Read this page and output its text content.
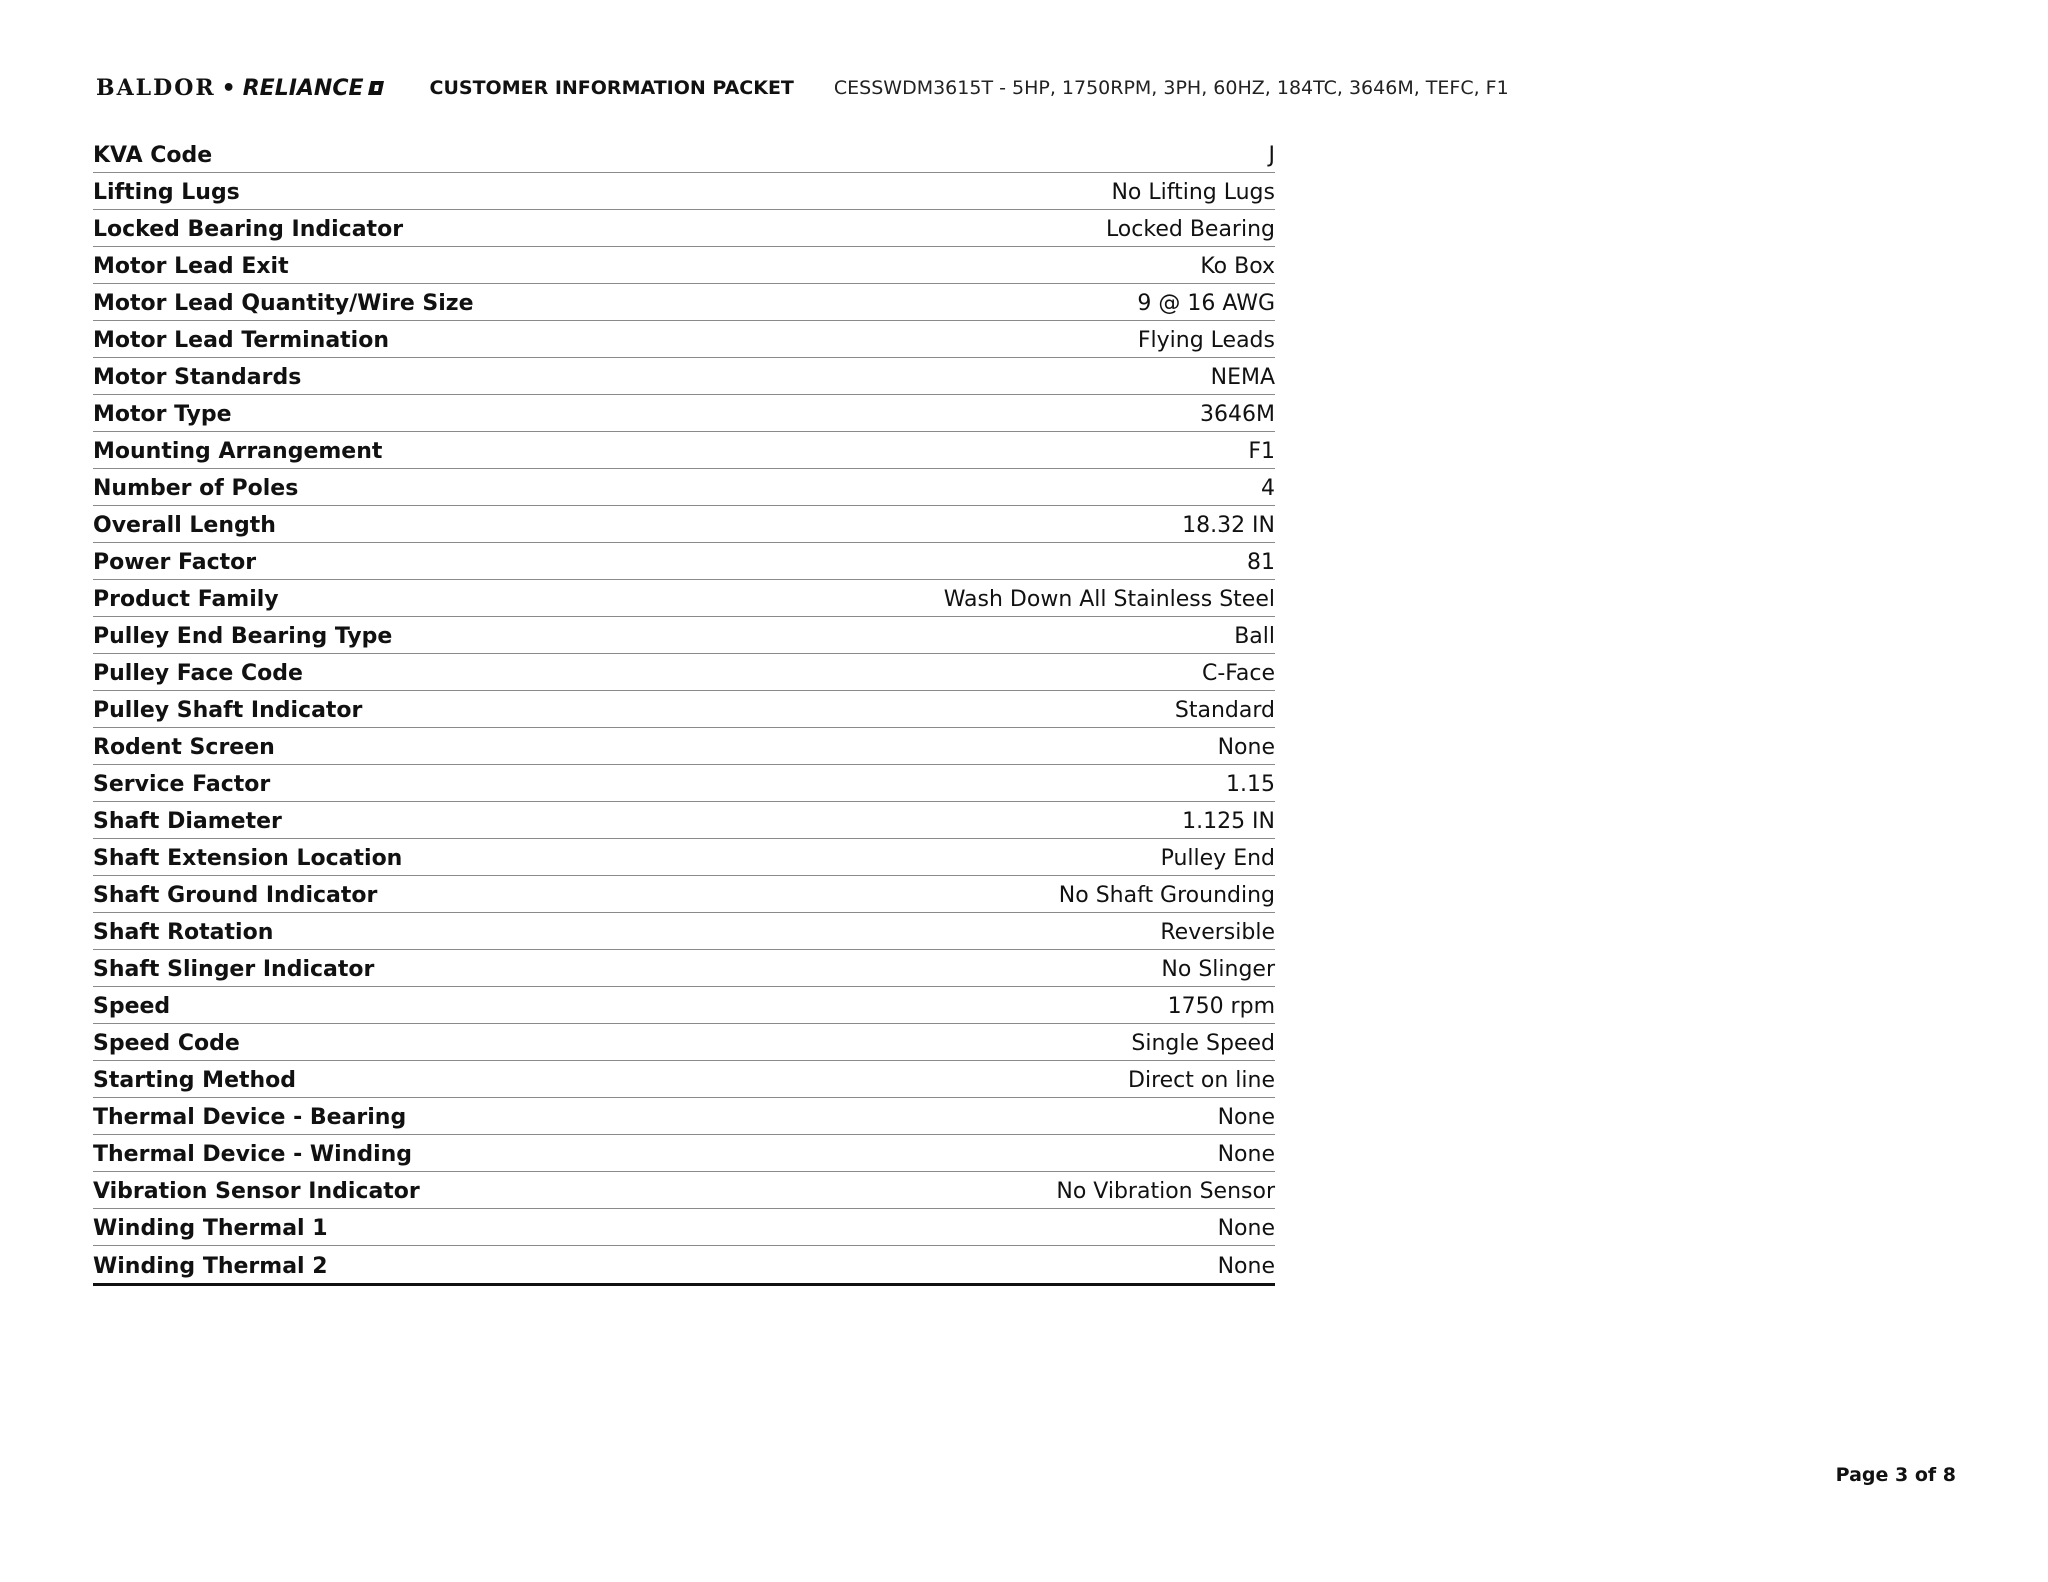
BALDOR • RELIANCE	CUSTOMER INFORMATION PACKET CESSWDM3615T - 5HP, 1750RPM, 3PH, 60HZ, 184TC, 3646M, TEFC, F1
KVA Code	J
Lifting Lugs	No Lifting Lugs
Locked Bearing Indicator	Locked Bearing
Motor Lead Exit	Ko Box
Motor Lead Quantity/Wire Size	9 @ 16 AWG
Motor Lead Termination	Flying Leads
Motor Standards	NEMA
Motor Type	3646M
Mounting Arrangement	F1
Number of Poles	4
Overall Length	18.32 IN
Power Factor	81
Product Family	Wash Down All Stainless Steel
Pulley End Bearing Type	Ball
Pulley Face Code	C-Face
Pulley Shaft Indicator	Standard
Rodent Screen	None
Service Factor	1.15
Shaft Diameter	1.125 IN
Shaft Extension Location	Pulley End
Shaft Ground Indicator	No Shaft Grounding
Shaft Rotation	Reversible
Shaft Slinger Indicator	No Slinger
Speed	1750 rpm
Speed Code	Single Speed
Starting Method	Direct on line
Thermal Device - Bearing	None
Thermal Device - Winding	None
Vibration Sensor Indicator	No Vibration Sensor
Winding Thermal 1	None
Winding Thermal 2	None
Page 3 of 8
